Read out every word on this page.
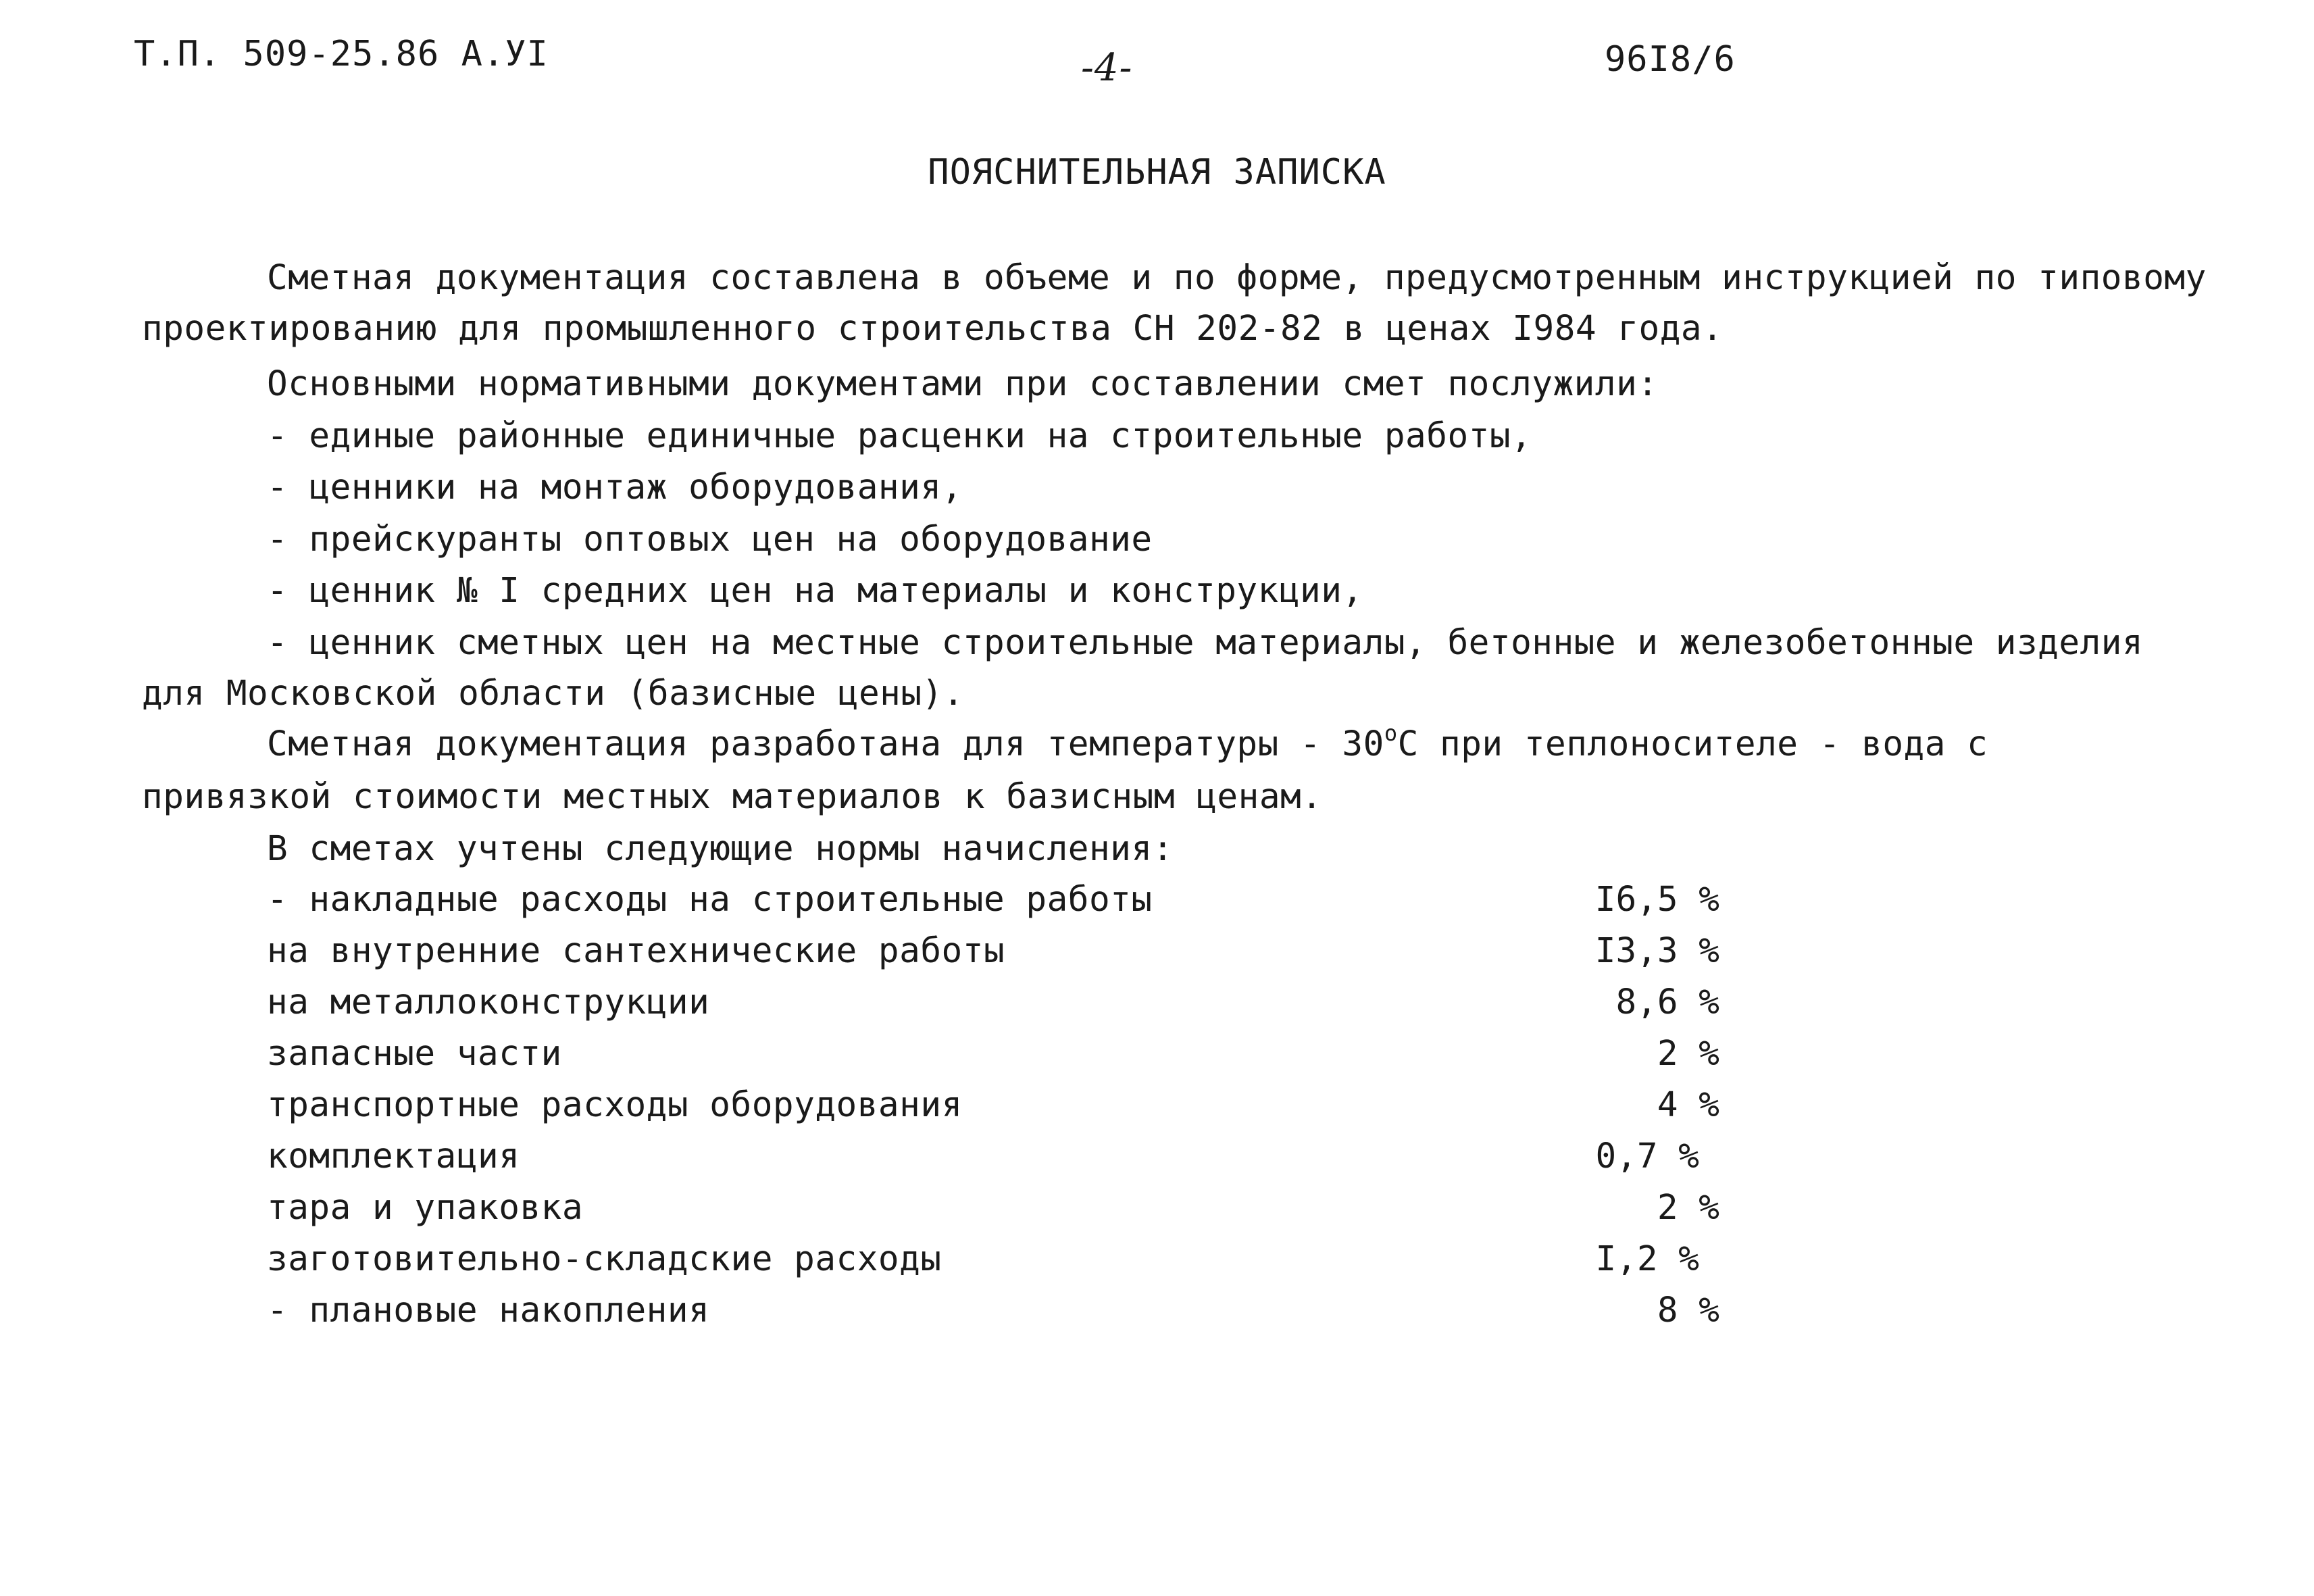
Т.П. 509-25.86 А.УI	-4-	96I8/6
ПОЯСНИТЕЛЬНАЯ ЗАПИСКА
Сметная документация составлена в объеме и по форме, предусмотренным инструкцией по типовому
проектированию для промышленного строительства СН 202-82 в ценах I984 года.
Основными нормативными документами при составлении смет послужили:
- единые районные единичные расценки на строительные работы,
- ценники на монтаж оборудования,
- прейскуранты оптовых цен на оборудование
- ценник № I средних цен на материалы и конструкции,
- ценник сметных цен на местные строительные материалы, бетонные и железобетонные изделия
для Московской области (базисные цены).
Сметная документация разработана для температуры - $30^оС$ при теплоносителе - вода с
привязкой стоимости местных материалов к базисным ценам.
В сметах учтены следующие нормы начисления:
- накладные расходы на строительные работы	I6,5 %
на внутренние сантехнические работы	I3,3 %
на металлоконструкции	8,6 %
запасные части	2 %
транспортные расходы оборудования	4 %
комплектация	0,7 %
тара и упаковка	2 %
заготовительно-складские расходы	I,2 %
- плановые накопления	8 %
